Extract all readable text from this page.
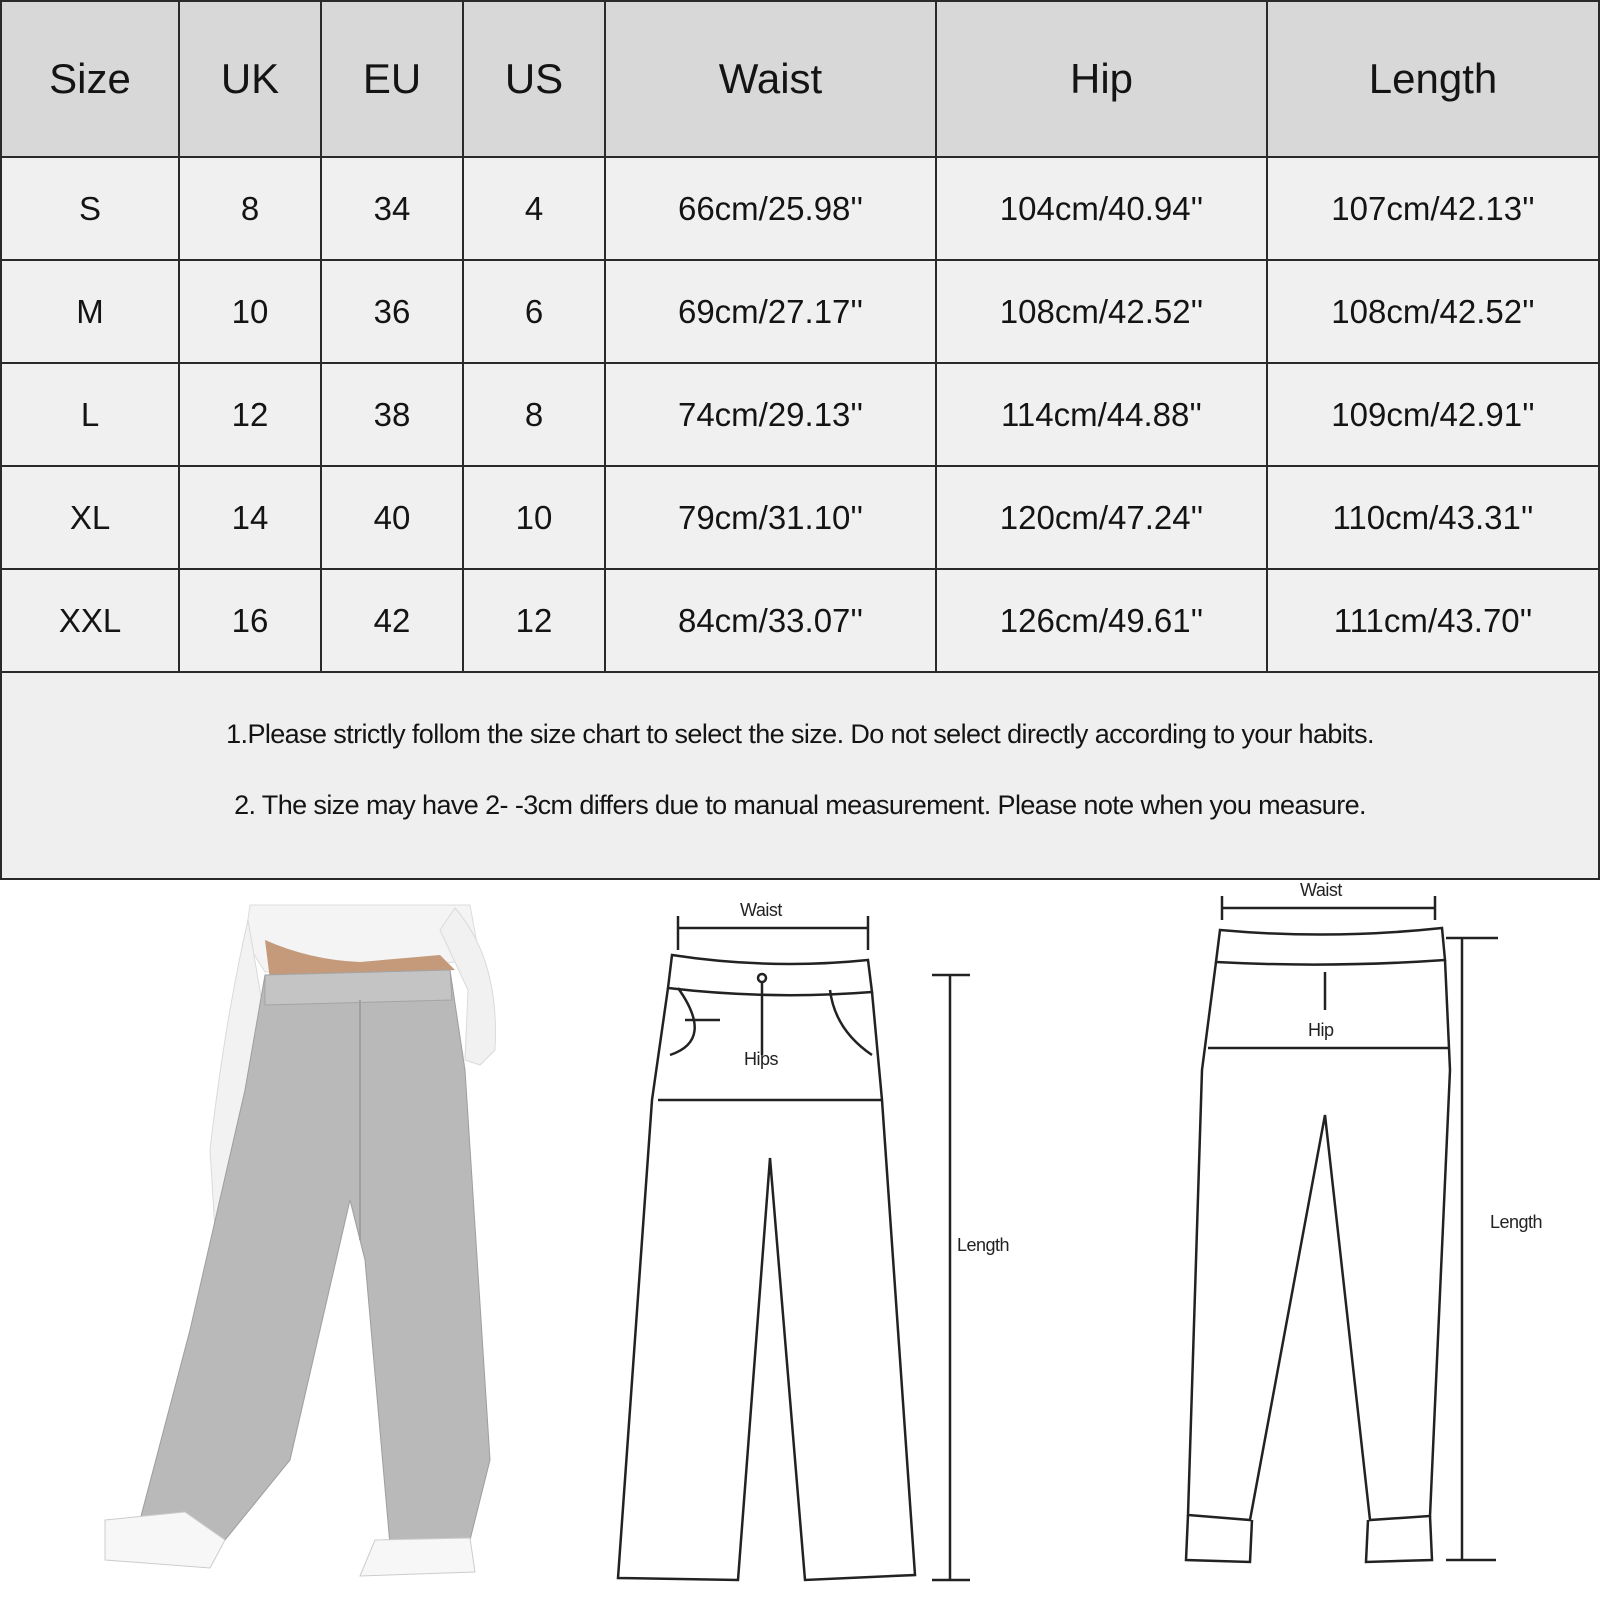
Size	UK	EU	US	Waist	Hip	Length
S	8	34	4	66cm/25.98''	104cm/40.94''	107cm/42.13''
M	10	36	6	69cm/27.17''	108cm/42.52''	108cm/42.52''
L	12	38	8	74cm/29.13''	114cm/44.88''	109cm/42.91''
XL	14	40	10	79cm/31.10''	120cm/47.24''	110cm/43.31''
XXL	16	42	12	84cm/33.07''	126cm/49.61''	111cm/43.70''

1.Please strictly follom the size chart to select the size. Do not select directly according to your habits.

2. The size may have 2- -3cm differs due to manual measurement. Please note when you measure.

Waist
Hips
Length
Waist
Hip
Length
